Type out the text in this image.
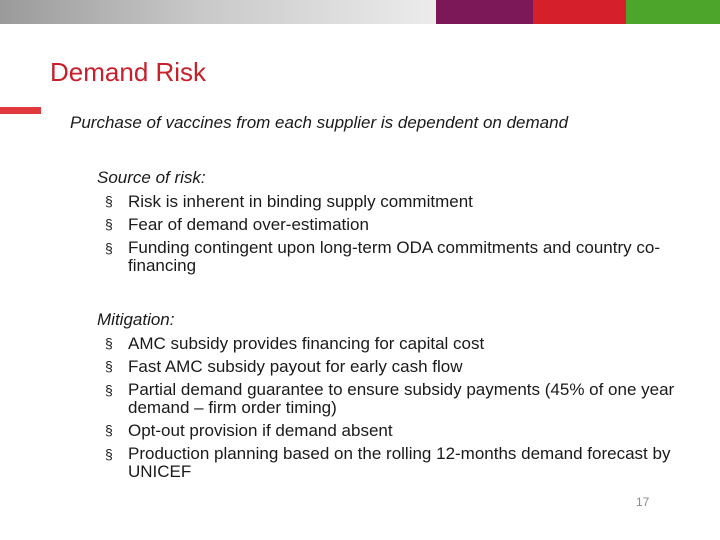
Demand Risk

Purchase of vaccines from each supplier is dependent on demand

Source of risk:

§ Risk is inherent in binding supply commitment
§ Fear of demand over-estimation
§ Funding contingent upon long-term ODA commitments and country co-financing

Mitigation:

§ AMC subsidy provides financing for capital cost
§ Fast AMC subsidy payout for early cash flow
§ Partial demand guarantee to ensure subsidy payments (45% of one year demand – firm order timing)
§ Opt-out provision if demand absent
§ Production planning based on the rolling 12-months demand forecast by UNICEF
17
